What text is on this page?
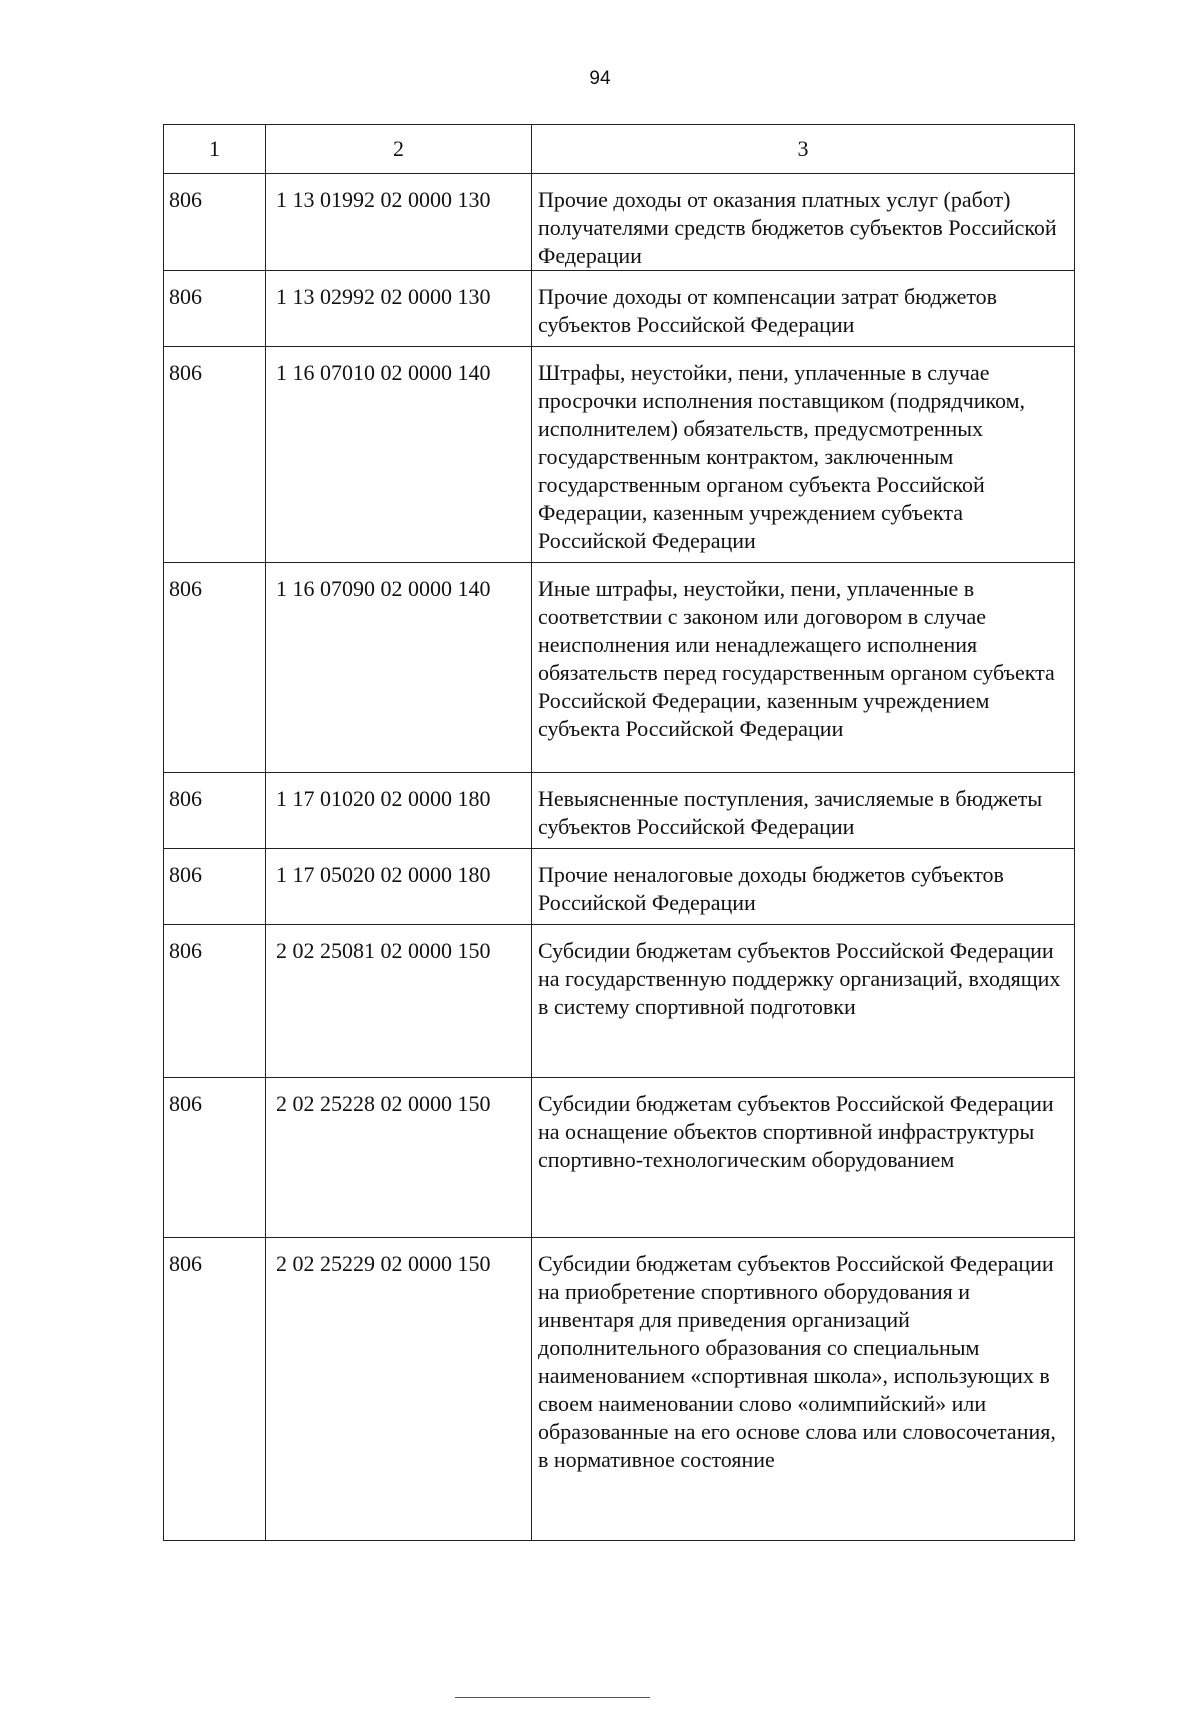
94
1	2	3
806	1 13 01992 02 0000 130	Прочие доходы от оказания платных услуг (работ) получателями средств бюджетов субъектов Российской Федерации
806	1 13 02992 02 0000 130	Прочие доходы от компенсации затрат бюджетов субъектов Российской Федерации
806	1 16 07010 02 0000 140	Штрафы, неустойки, пени, уплаченные в случае просрочки исполнения поставщиком (подрядчиком, исполнителем) обязательств, предусмотренных государственным контрактом, заключенным государственным органом субъекта Российской Федерации, казенным учреждением субъекта Российской Федерации
806	1 16 07090 02 0000 140	Иные штрафы, неустойки, пени, уплаченные в соответствии с законом или договором в случае неисполнения или ненадлежащего исполнения обязательств перед государственным органом субъекта Российской Федерации, казенным учреждением субъекта Российской Федерации
806	1 17 01020 02 0000 180	Невыясненные поступления, зачисляемые в бюджеты субъектов Российской Федерации
806	1 17 05020 02 0000 180	Прочие неналоговые доходы бюджетов субъектов Российской Федерации
806	2 02 25081 02 0000 150	Субсидии бюджетам субъектов Российской Федерации на государственную поддержку организаций, входящих в систему спортивной подготовки
806	2 02 25228 02 0000 150	Субсидии бюджетам субъектов Российской Федерации на оснащение объектов спортивной инфраструктуры спортивно-технологическим оборудованием
806	2 02 25229 02 0000 150	Субсидии бюджетам субъектов Российской Федерации на приобретение спортивного оборудования и инвентаря для приведения организаций дополнительного образования со специальным наименованием «спортивная школа», использующих в своем наименовании слово «олимпийский» или образованные на его основе слова или словосочетания, в нормативное состояние
